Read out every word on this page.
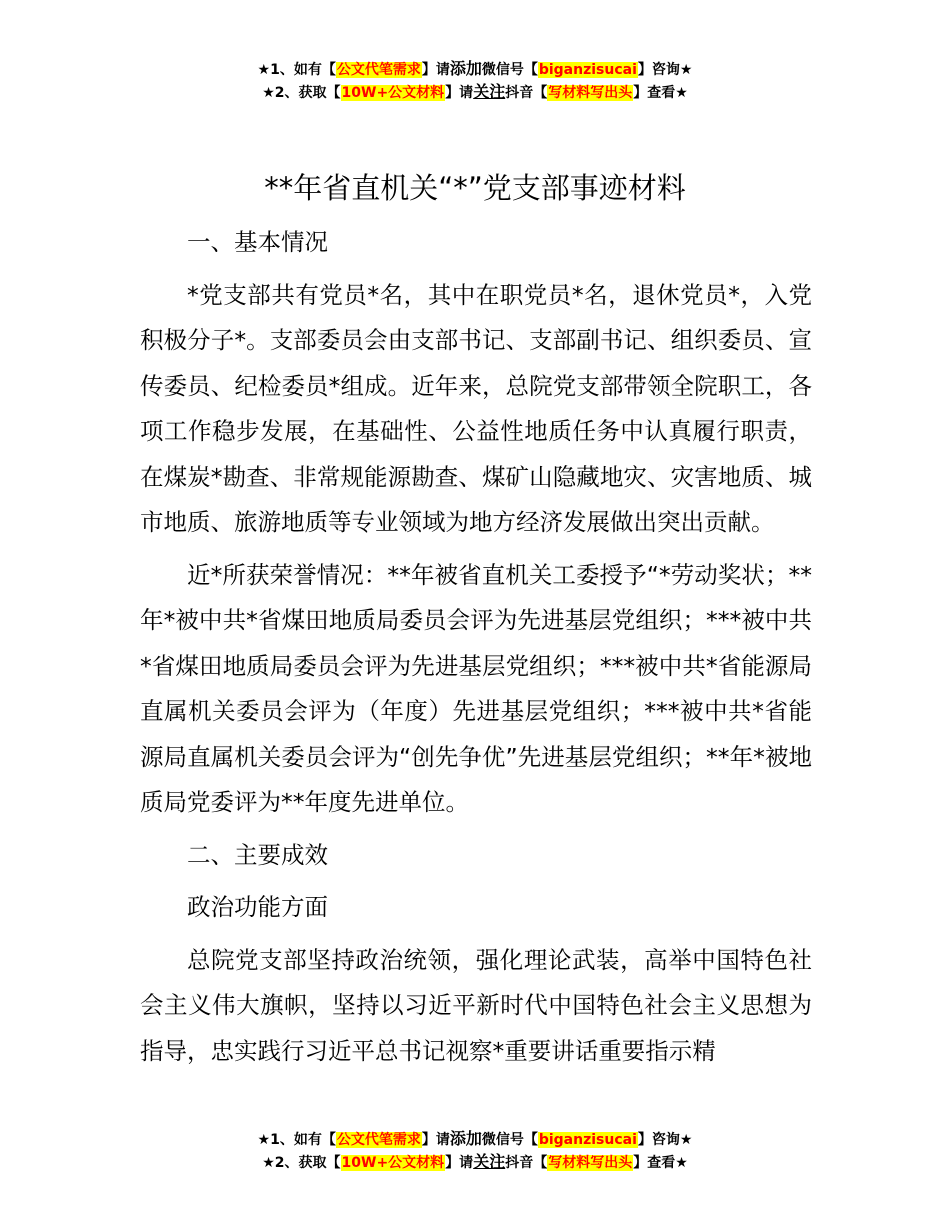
★1、如有【公文代笔需求】请添加微信号【biganzisucai】咨询★
★2、获取【10W+公文材料】请关注抖音【写材料写出头】查看★
**年省直机关“*”党支部事迹材料

一、基本情况

*党支部共有党员*名，其中在职党员*名，退休党员*，入党积极分子*。支部委员会由支部书记、支部副书记、组织委员、宣传委员、纪检委员*组成。近年来，总院党支部带领全院职工，各项工作稳步发展，在基础性、公益性地质任务中认真履行职责，在煤炭*勘查、非常规能源勘查、煤矿山隐藏地灾、灾害地质、城市地质、旅游地质等专业领域为地方经济发展做出突出贡献。

近*所获荣誉情况：**年被省直机关工委授予“*劳动奖状；**年*被中共*省煤田地质局委员会评为先进基层党组织；***被中共*省煤田地质局委员会评为先进基层党组织；***被中共*省能源局直属机关委员会评为（年度）先进基层党组织；***被中共*省能源局直属机关委员会评为“创先争优”先进基层党组织；**年*被地质局党委评为**年度先进单位。

二、主要成效

政治功能方面

总院党支部坚持政治统领，强化理论武装，高举中国特色社会主义伟大旗帜，坚持以习近平新时代中国特色社会主义思想为指导，忠实践行习近平总书记视察*重要讲话重要指示精

★1、如有【公文代笔需求】请添加微信号【biganzisucai】咨询★
★2、获取【10W+公文材料】请关注抖音【写材料写出头】查看★
